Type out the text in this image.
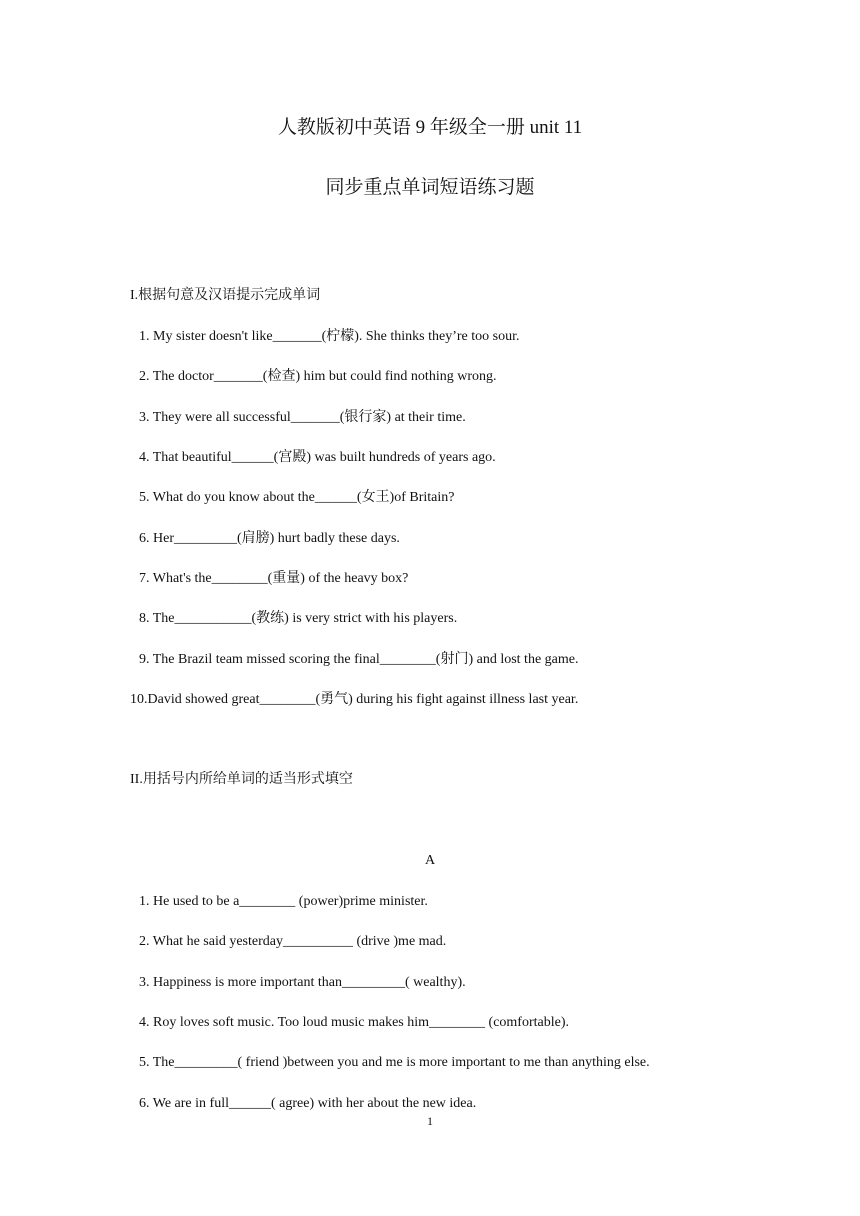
人教版初中英语 9 年级全一册 unit 11
同步重点单词短语练习题
I.根据句意及汉语提示完成单词
1. My sister doesn't like_______(柠檬). She thinks they’re too sour.
2. The doctor_______(检查) him but could find nothing wrong.
3. They were all successful_______(银行家) at their time.
4. That beautiful______(宫殿) was built hundreds of years ago.
5. What do you know about the______(女王)of Britain?
6. Her_________(肩膀) hurt badly these days.
7. What's the________(重量) of the heavy box?
8. The___________(教练) is very strict with his players.
9. The Brazil team missed scoring the final________(射门) and lost the game.
10.David showed great________(勇气) during his fight against illness last year.
II.用括号内所给单词的适当形式填空
A
1. He used to be a________ (power)prime minister.
2. What he said yesterday__________ (drive )me mad.
3. Happiness is more important than_________( wealthy).
4. Roy loves soft music. Too loud music makes him________ (comfortable).
5. The_________( friend )between you and me is more important to me than anything else.
6. We are in full______( agree) with her about the new idea.
1
